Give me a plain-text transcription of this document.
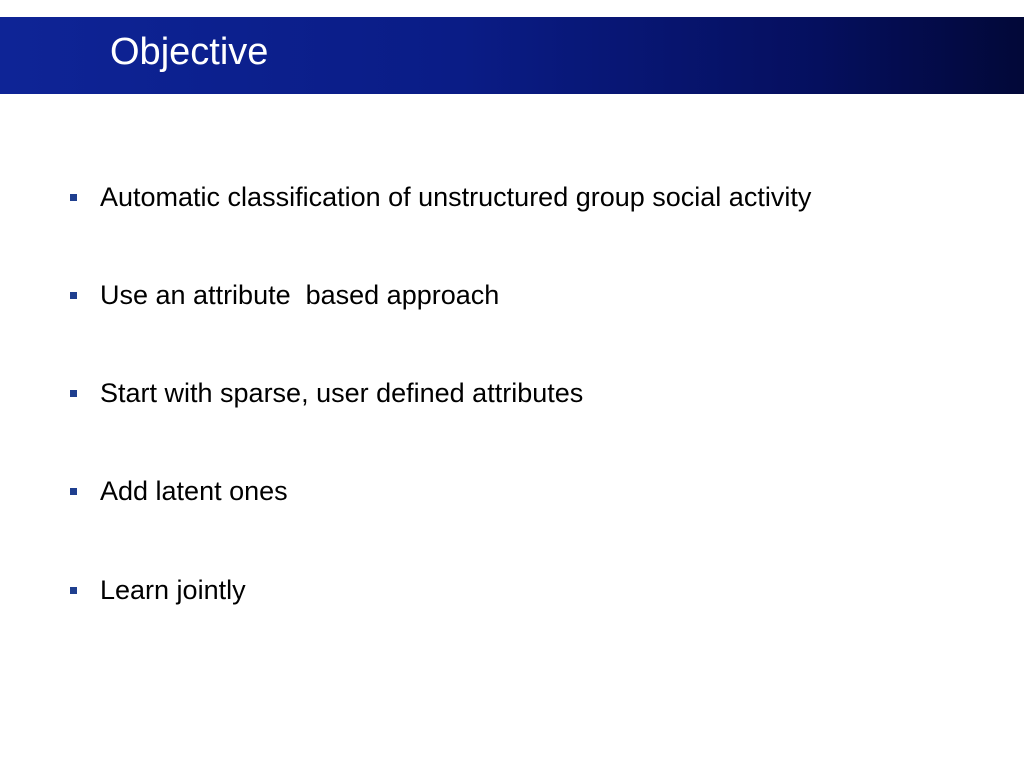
Objective
Automatic classification of unstructured group social activity
Use an attribute  based approach
Start with sparse, user defined attributes
Add latent ones
Learn jointly
